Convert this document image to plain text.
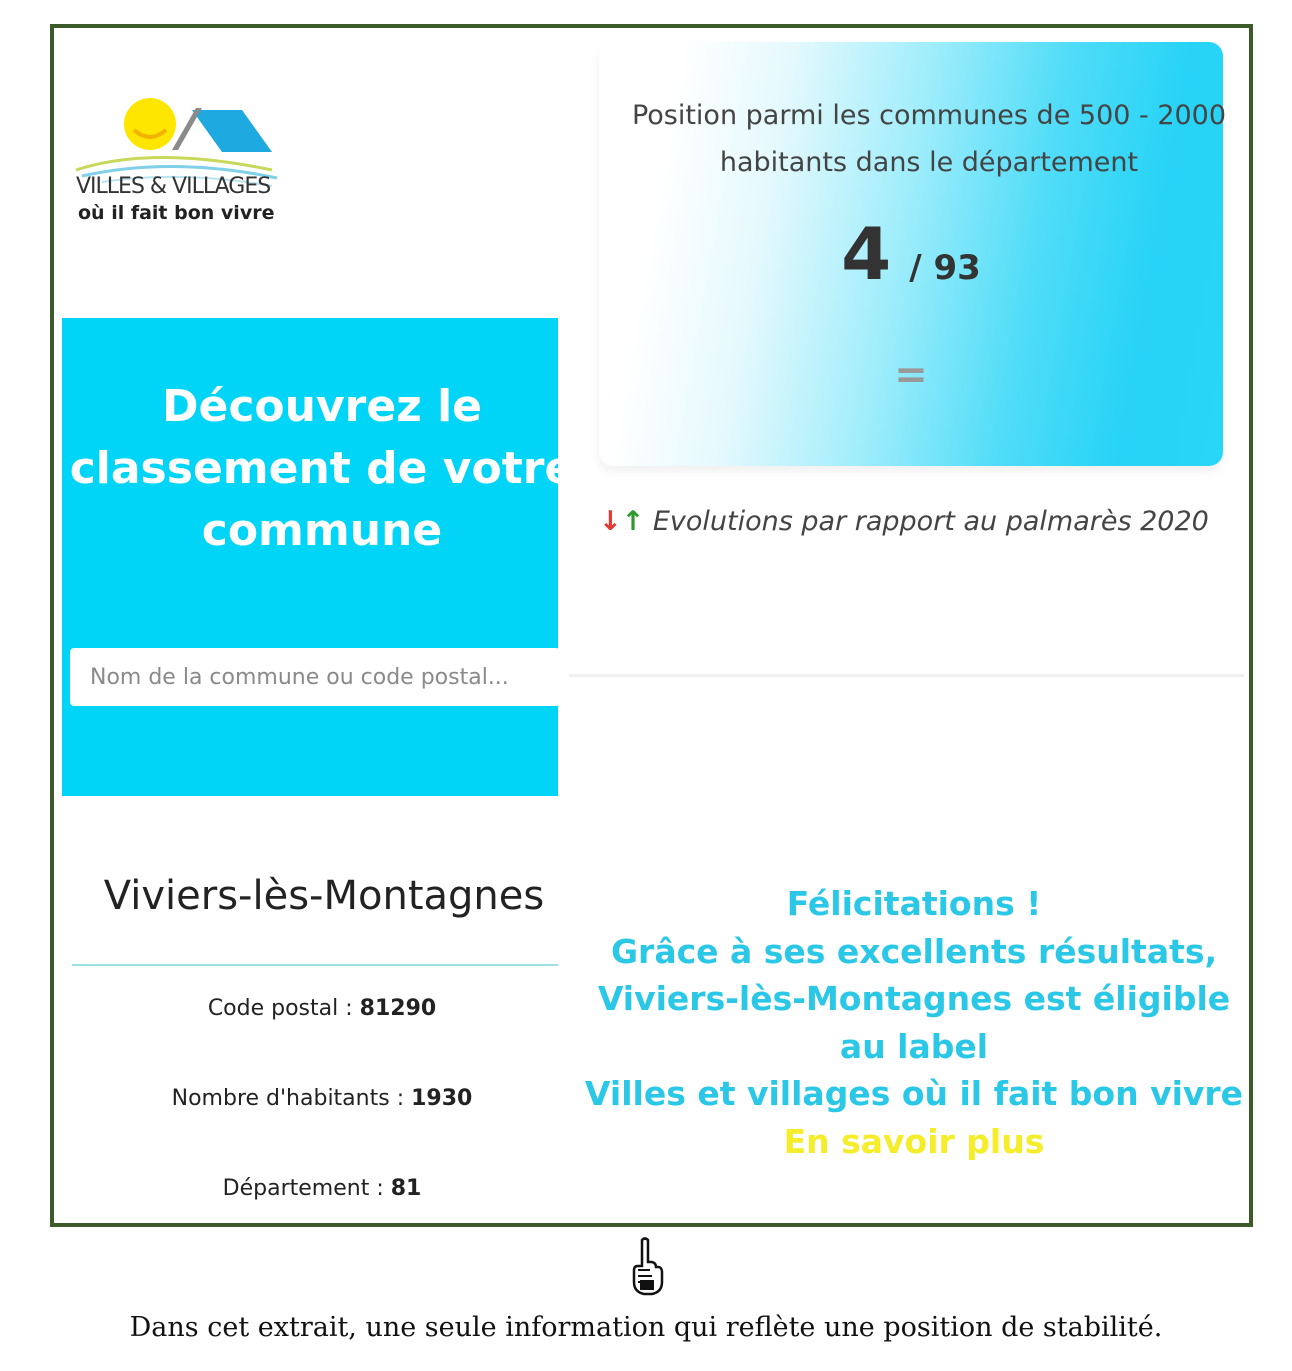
VILLES & VILLAGES
où il fait bon vivre
Découvrez le classement de votre commune
Nom de la commune ou code postal...
Viviers-lès-Montagnes
Code postal : 81290
Nombre d'habitants : 1930
Département : 81
Position parmi les communes de 500 - 2000 habitants dans le département
4 / 93
=
↓↑ Evolutions par rapport au palmarès 2020
Félicitations !
Grâce à ses excellents résultats,
Viviers-lès-Montagnes est éligible
au label
Villes et villages où il fait bon vivre
En savoir plus
Dans cet extrait, une seule information qui reflète une position de stabilité.
